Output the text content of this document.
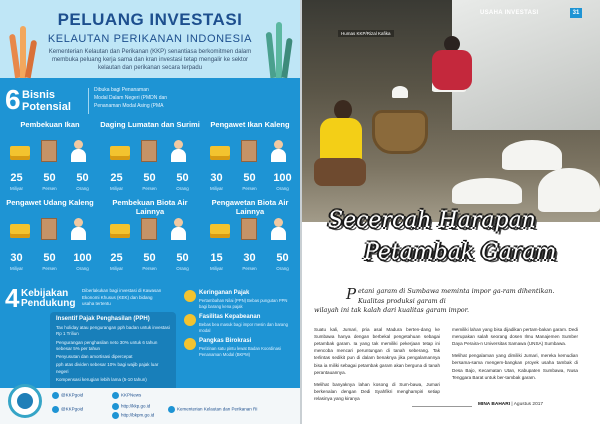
PELUANG INVESTASI
KELAUTAN PERIKANAN INDONESIA
Kementerian Kelautan dan Perikanan (KKP) senantiasa berkomitmen dalam membuka peluang kerja sama dan kran investasi tetap mengalir ke sektor kelautan dan perikanan secara terpadu
6 Bisnis
Potensial
Dibuka bagi Penanaman
Modal Dalam Negeri (PMDN dan
Penanaman Modal Asing (PMA
Pembekuan Ikan	Daging Lumatan dan Surimi	Pengawet Ikan Kaleng
25	50	50
Miliyar	Persen	Orang
25	50	50
Miliyar	Persen	Orang
30	50	100
Miliyar	Persen	Orang
Pengawet Udang Kaleng	Pembekuan Biota Air Lainnya
Pengawetan Biota Air Lainnya
30	50	100
Miliyar	Persen	Orang
25	50	50
Miliyar	Persen	Orang
15	30	50
Miliyar	Persen	Orang
4 Kebijakan
Pendukung
Diberlakukan bagi investasi di Kawasan Ekonomi Khusus (KEK) dan bidang usaha tertentu
Insentif Pajak Penghasilan (PPH)
Tax holiday atau pengurangan pph badan untuk investasi Rp 1 Triliun
Pengurangan penghasilan neto 30% untuk 6 tahun sebesar 5% per tahun
Penyusutan dan amortisasi dipercepat
pph atas dividen sebesar 10% bagi wajib pajak luar negeri
Kompensasi kerugian lebih lama (5-10 tahun)
Keringanan Pajak
Pertambahan Nilai (PPN) Bebas pungutan PPN bagi barang kena pajak
Fasilitas Kepabeanan
Bebas bea masuk bagi impor mesin dan barang modal
Pangkas Birokrasi
Perizinan satu pintu lewat Badan Koordinasi Penanaman Modal (BKPM)
@KKPgoid
@KKPgoid
KKPNews
http://kkp.go.id
http://bkpm.go.id
Kementerian Kelautan dan Perikanan RI
Humas KKP/Rizal Kafika
USAHA INVESTASI	31
Secercah Harapan
Petambak Garam
P etani garam di Sumbawa meminta impor ga-ram dihentikan. Kualitas produksi garam di
wilayah ini tak kalah dari kualitas garam impor.

Suatu kali, Jumari, pria asal Madura berten-dang ke Sumbawa hanya dengan berbekal pengetahuan sebagai petambak garam. Ia yang tak memiliki pekerjaan tetap ini mencoba mencari peruntungan di tanah seberang. Tak terlintas sedikit pun di dalam benaknya jika pengalamannya bisa ia miliki sebagai petambak garam akan berguna di tanah perantauannya.

Melihat banyaknya lahan kosong di Sum-bawa, Jumari berkenalan dengan Dedi Syahfikri menghampiri setiap relasinya yang kiranya

memiliki lahan yang bisa dijadikan pertam-bakan garam. Dedi merupakan salah seorang dosen Ilmu Manajemen Sumber Daya Peraira-n Universitas Samawa (UNSA) Sumbawa.

Melihat pengalaman yang dimiliki Jumari, mereka kemudian bersama-sama mengem-bangkan proyek usaha tambak di Desa Bajo, Kecamatan Utan, Kabupaten Sumbawa, Nusa Tenggara Barat untuk ber-tambak garam.

MINA BAHARI | Agustus 2017
